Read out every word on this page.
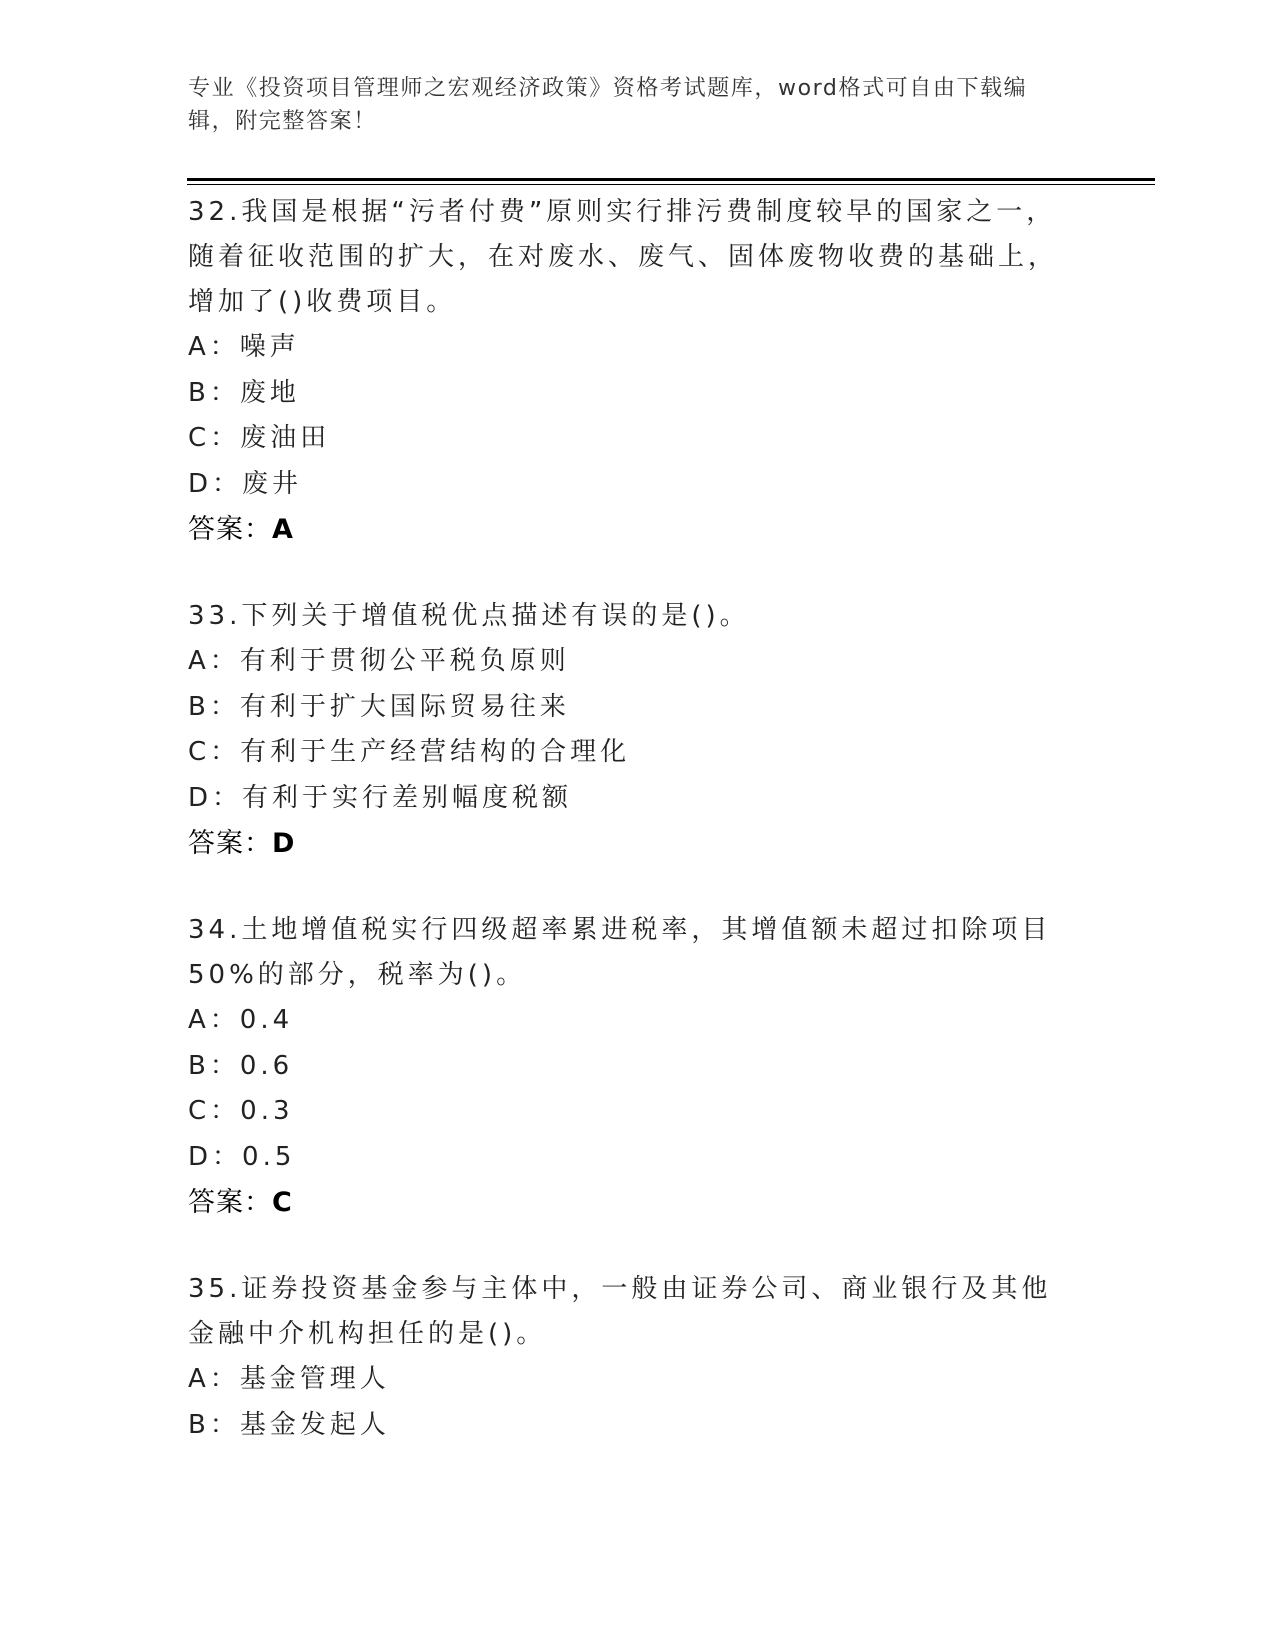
专业《投资项目管理师之宏观经济政策》资格考试题库，word格式可自由下载编辑，附完整答案！
32.我国是根据“污者付费”原则实行排污费制度较早的国家之一，随着征收范围的扩大，在对废水、废气、固体废物收费的基础上，增加了()收费项目。
A：噪声
B：废地
C：废油田
D：废井
答案：A
33.下列关于增值税优点描述有误的是()。
A：有利于贯彻公平税负原则
B：有利于扩大国际贸易往来
C：有利于生产经营结构的合理化
D：有利于实行差别幅度税额
答案：D
34.土地增值税实行四级超率累进税率，其增值额未超过扣除项目50%的部分，税率为()。
A：0.4
B：0.6
C：0.3
D：0.5
答案：C
35.证券投资基金参与主体中，一般由证券公司、商业银行及其他金融中介机构担任的是()。
A：基金管理人
B：基金发起人
